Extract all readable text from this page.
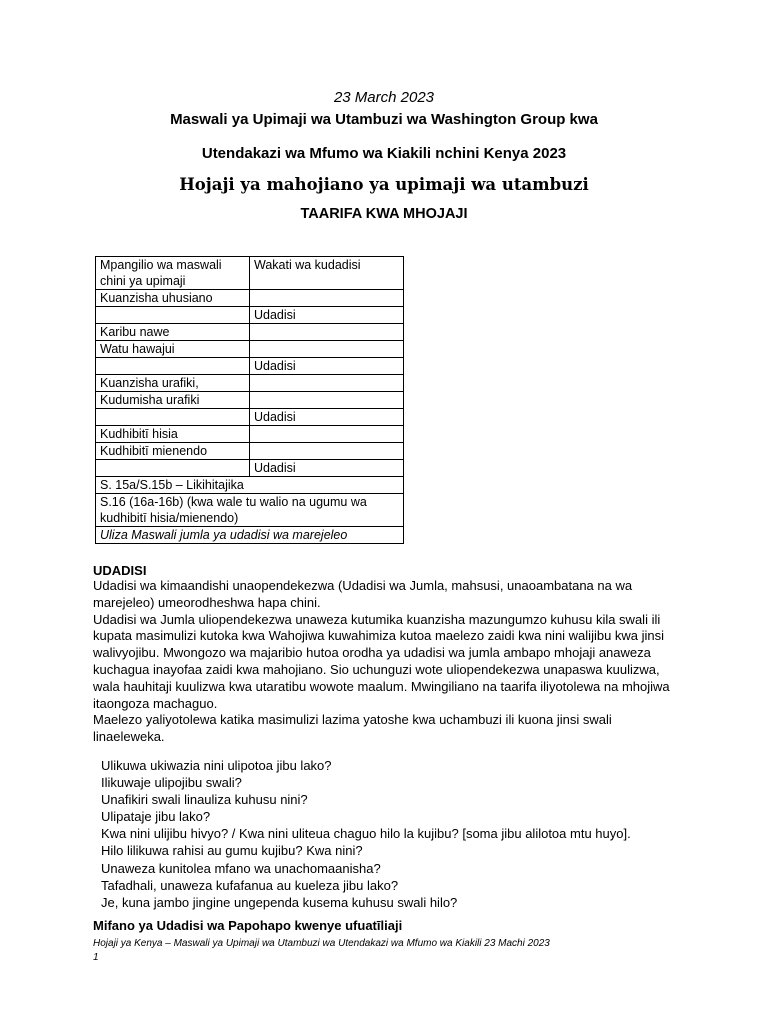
23 March 2023
Maswali ya Upimaji wa Utambuzi wa Washington Group kwa
Utendakazi wa Mfumo wa Kiakili nchini Kenya 2023
Hojaji ya mahojiano ya upimaji wa utambuzi
TAARIFA KWA MHOJAJI
Mpangilio wa maswali chini ya upimaji	Wakati wa kudadisi
Kuanzisha uhusiano	
	Udadisi
Karibu nawe	
Watu hawajui	
	Udadisi
Kuanzisha urafiki,	
Kudumisha urafiki	
	Udadisi
Kudhibitī hisia	
Kudhibitī mienendo	
	Udadisi
S. 15a/S.15b – Likihitajika	
S.16 (16a-16b) (kwa wale tu walio na ugumu wa kudhibitī hisia/mienendo)	
Uliza Maswali jumla ya udadisi wa marejeleo	
UDADISI

Udadisi wa kimaandishi unaopendekezwa (Udadisi wa Jumla, mahsusi, unaoambatana na wa marejeleo) umeorodheshwa hapa chini.

Udadisi wa Jumla uliopendekezwa unaweza kutumika kuanzisha mazungumzo kuhusu kila swali ili kupata masimulizi kutoka kwa Wahojiwa kuwahimiza kutoa maelezo zaidi kwa nini walijibu kwa jinsi walivyojibu. Mwongozo wa majaribio hutoa orodha ya udadisi wa jumla ambapo mhojaji anaweza kuchagua inayofaa zaidi kwa mahojiano. Sio uchunguzi wote uliopendekezwa unapaswa kuulizwa, wala hauhitaji kuulizwa kwa utaratibu wowote maalum. Mwingiliano na taarifa iliyotolewa na mhojiwa itaongoza machaguo.

Maelezo yaliyotolewa katika masimulizi lazima yatoshe kwa uchambuzi ili kuona jinsi swali linaeleweka.

Ulikuwa ukiwazia nini ulipotoa jibu lako?
Ilikuwaje ulipojibu swali?
Unafikiri swali linauliza kuhusu nini?
Ulipataje jibu lako?
Kwa nini ulijibu hivyo? / Kwa nini uliteua chaguo hilo la kujibu? [soma jibu alilotoa mtu huyo].
Hilo lilikuwa rahisi au gumu kujibu? Kwa nini?
Unaweza kunitolea mfano wa unachomaanisha?
Tafadhali, unaweza kufafanua au kueleza jibu lako?
Je, kuna jambo jingine ungependa kusema kuhusu swali hilo?
Mifano ya Udadisi wa Papohapo kwenye ufuatīliaji
Hojaji ya Kenya – Maswali ya Upimaji wa Utambuzi wa Utendakazi wa Mfumo wa Kiakili 23 Machi 2023
1
